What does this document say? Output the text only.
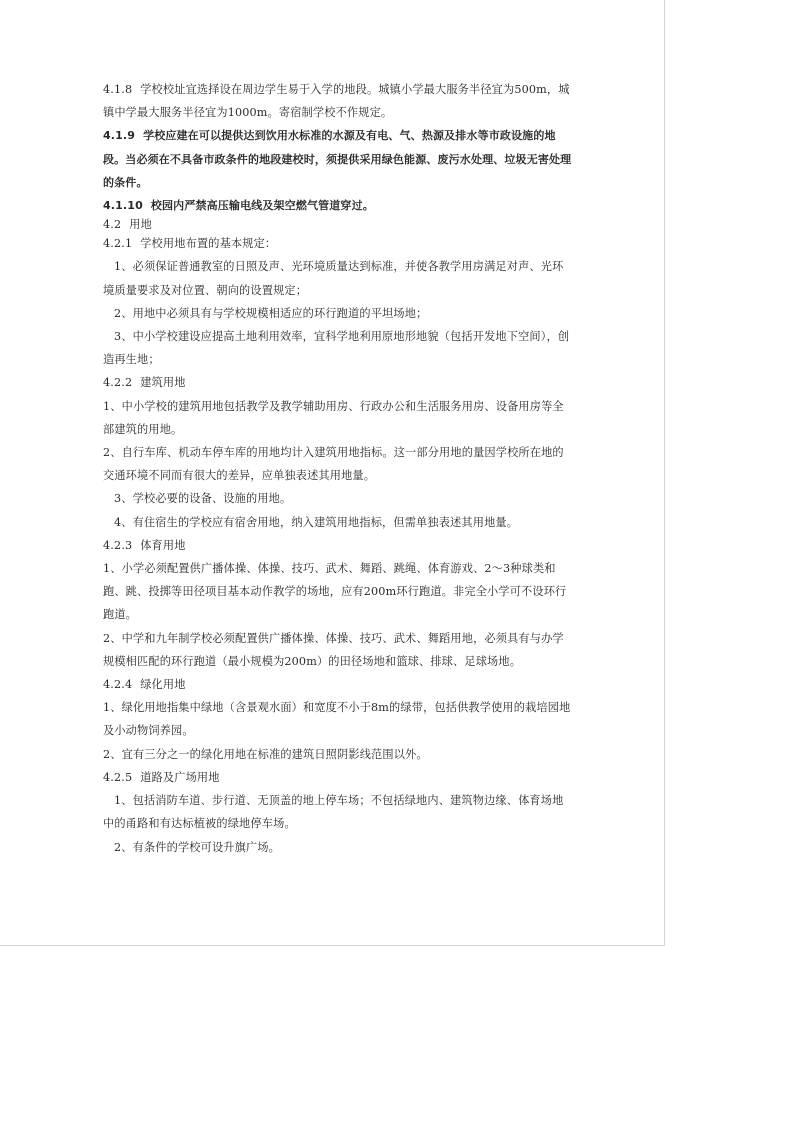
4.1.8 学校校址宜选择设在周边学生易于入学的地段。城镇小学最大服务半径宜为500m，城镇中学最大服务半径宜为1000m。寄宿制学校不作规定。

4.1.9 学校应建在可以提供达到饮用水标准的水源及有电、气、热源及排水等市政设施的地段。当必须在不具备市政条件的地段建校时，须提供采用绿色能源、废污水处理、垃圾无害处理的条件。

4.1.10 校园内严禁高压输电线及架空燃气管道穿过。

4.2 用地

4.2.1 学校用地布置的基本规定：

1、必须保证普通教室的日照及声、光环境质量达到标准，并使各教学用房满足对声、光环境质量要求及对位置、朝向的设置规定；

2、用地中必须具有与学校规模相适应的环行跑道的平坦场地；

3、中小学校建设应提高土地利用效率，宜科学地利用原地形地貌（包括开发地下空间），创造再生地；

4.2.2 建筑用地

1、中小学校的建筑用地包括教学及教学辅助用房、行政办公和生活服务用房、设备用房等全部建筑的用地。

2、自行车库、机动车停车库的用地均计入建筑用地指标。这一部分用地的量因学校所在地的交通环境不同而有很大的差异，应单独表述其用地量。

3、学校必要的设备、设施的用地。

4、有住宿生的学校应有宿舍用地，纳入建筑用地指标，但需单独表述其用地量。

4.2.3 体育用地

1、小学必须配置供广播体操、体操、技巧、武术、舞蹈、跳绳、体育游戏、2～3种球类和跑、跳、投掷等田径项目基本动作教学的场地，应有200m环行跑道。非完全小学可不设环行跑道。

2、中学和九年制学校必须配置供广播体操、体操、技巧、武术、舞蹈用地，必须具有与办学规模相匹配的环行跑道（最小规模为200m）的田径场地和篮球、排球、足球场地。

4.2.4 绿化用地

1、绿化用地指集中绿地（含景观水面）和宽度不小于8m的绿带，包括供教学使用的栽培园地及小动物饲养园。

2、宜有三分之一的绿化用地在标准的建筑日照阴影线范围以外。

4.2.5 道路及广场用地

1、包括消防车道、步行道、无顶盖的地上停车场；不包括绿地内、建筑物边缘、体育场地中的甬路和有达标植被的绿地停车场。

2、有条件的学校可设升旗广场。
